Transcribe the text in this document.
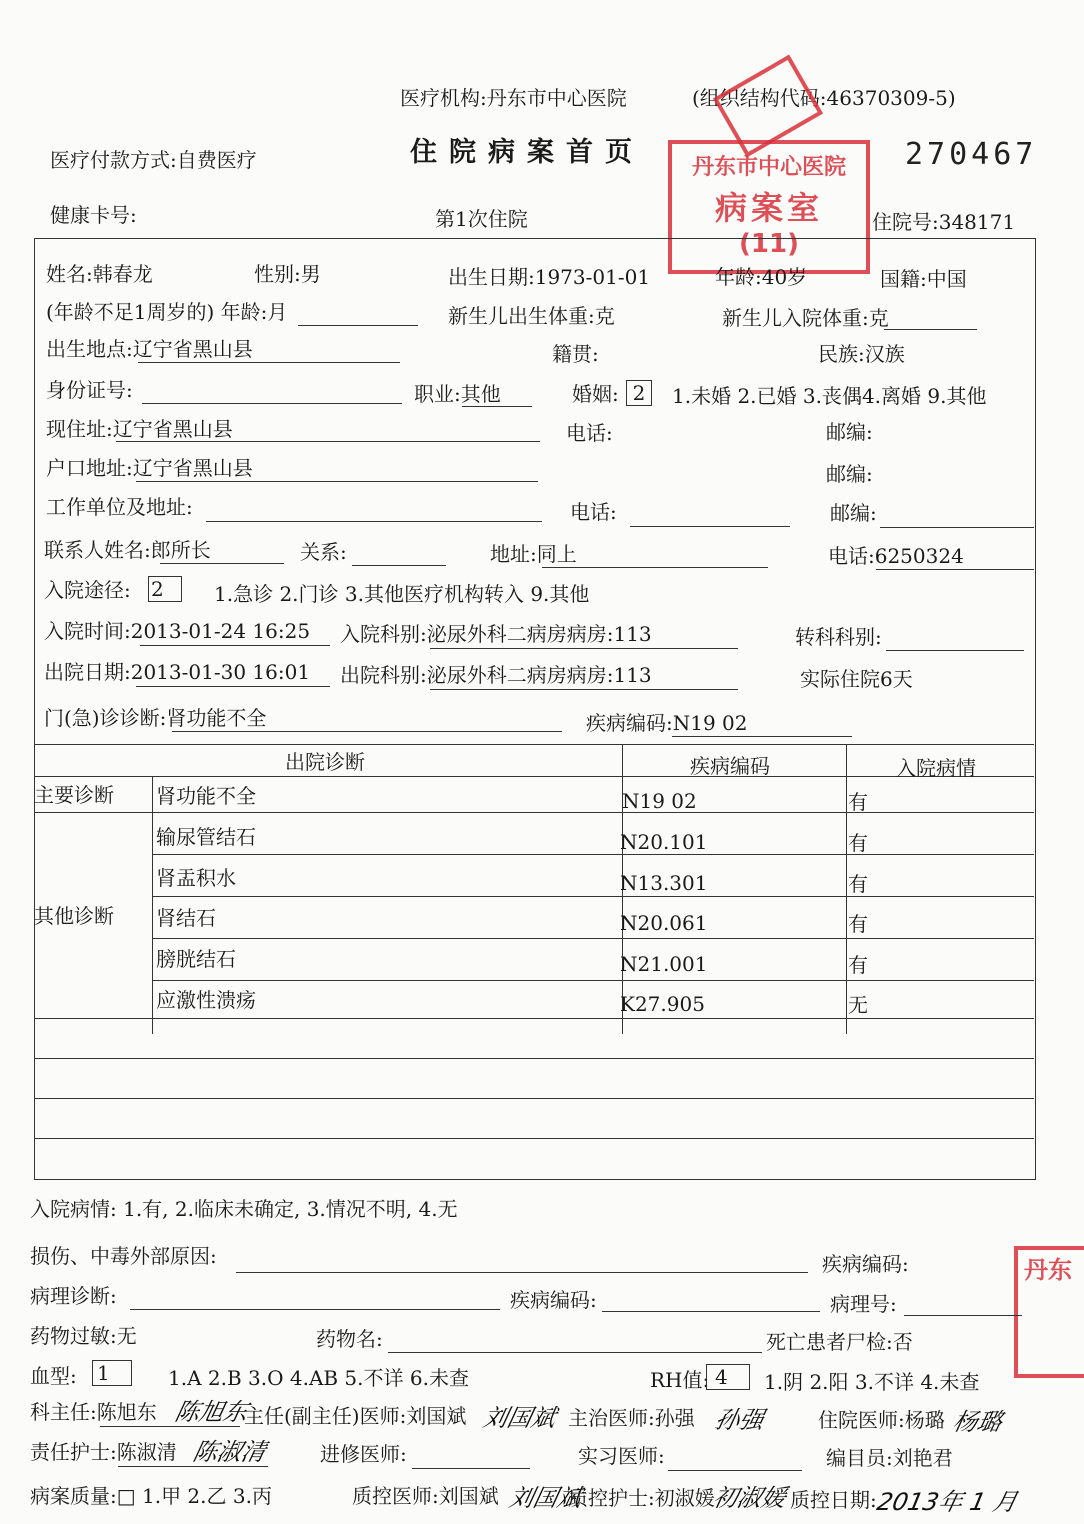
医疗机构:丹东市中心医院	(组织结构代码:46370309-5)
医疗付款方式:自费医疗	住院病案首页	270467
健康卡号:	第1次住院	住院号:348171
丹东市中心医院
病案室
(11)
丹东
姓名:韩春龙	性别:男	出生日期:1973-01-01	年龄:40岁	国籍:中国
(年龄不足1周岁的) 年龄:月	新生儿出生体重:克	新生儿入院体重:克
出生地点:辽宁省黑山县	籍贯:	民族:汉族
身份证号:	职业:其他	婚姻: 2	1.未婚 2.已婚 3.丧偶4.离婚 9.其他
现住址:辽宁省黑山县	电话:	邮编:
户口地址:辽宁省黑山县	邮编:
工作单位及地址:	电话:	邮编:
联系人姓名:郎所长	关系:	地址:同上	电话:6250324
入院途径: 2	1.急诊 2.门诊 3.其他医疗机构转入 9.其他
入院时间:2013-01-24 16:25 入院科别:泌尿外科二病房病房:113	转科科别:
出院日期:2013-01-30 16:01 出院科别:泌尿外科二病房病房:113	实际住院6天
门(急)诊诊断:肾功能不全	疾病编码:N19 02
出院诊断	疾病编码	入院病情
主要诊断
其他诊断
肾功能不全	N19 02	有
输尿管结石	N20.101	有
肾盂积水	N13.301	有
肾结石	N20.061	有
膀胱结石	N21.001	有
应激性溃疡	K27.905	无
入院病情: 1.有, 2.临床未确定, 3.情况不明, 4.无
损伤、中毒外部原因:	疾病编码:
病理诊断:	疾病编码:	病理号:
药物过敏:无	药物名:	死亡患者尸检:否
血型: 1	1.A 2.B 3.O 4.AB 5.不详 6.未查	RH值: 4	1.阴 2.阳 3.不详 4.未查
科主任:陈旭东 陈旭东
主任(副主任)医师:刘国斌 刘国斌 主治医师:孙强 孙强	住院医师:杨璐 杨璐
责任护士:陈淑清 陈淑清	进修医师:	实习医师:	编目员:刘艳君
病案质量:□ 1.甲 2.乙 3.丙	质控医师:刘国斌 刘国斌
质控护士:初淑媛
初淑媛 质控日期:
2013年 1 月
